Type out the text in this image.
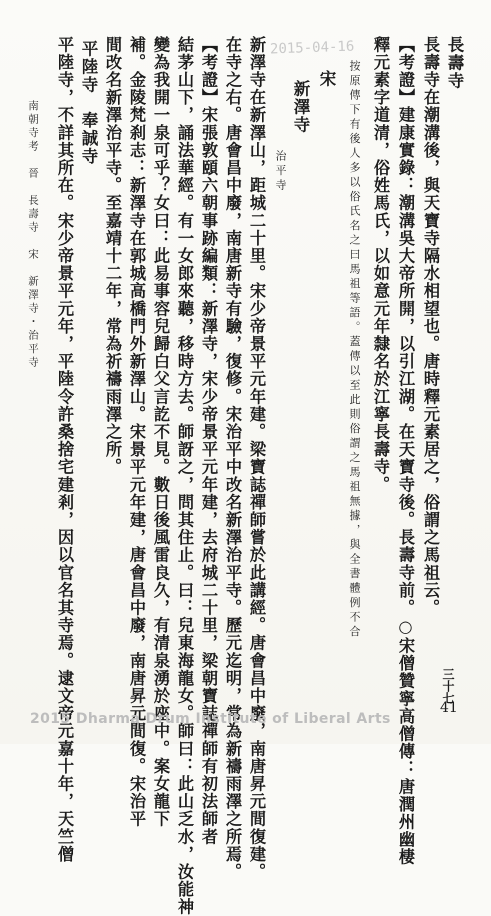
2015-04-16	長壽寺
長壽寺在潮溝後，與天寶寺隔水相望也。唐時釋元素居之，俗謂之馬祖云。
【考證】建康實錄：潮溝吳大帝所開，以引江湖。在天寶寺後。長壽寺前。○宋僧贊寧高僧傳：唐潤州幽棲
釋元素字道清，俗姓馬氏，以如意元年隸名於江寧長壽寺。
按原傳下有後人多以俗氏名之曰馬祖等語。蓋傳以至此則俗謂之馬祖無據，與全書體例不合
宋
新澤寺
治平寺
新澤寺在新澤山，距城二十里。宋少帝景平元年建。梁寶誌禪師嘗於此講經。唐會昌中廢，南唐昇元間復建。
在寺之右。唐會昌中廢，南唐新寺有驗，復修。宋治平中改名新澤治平寺。歷元迄明，常為新禱雨澤之所焉。
【考證】宋張敦頤六朝事跡編類：新澤寺，宋少帝景平元年建，去府城二十里，梁朝寶誌禪師有初法師者
結茅山下，誦法華經。有一女郎來聽，移時方去。師訝之，問其住止。曰：兒東海龍女。師曰：此山乏水，汝能神
變為我開一泉可乎？女曰：此易事容兒歸白父言訖不見。數日後風雷良久，有清泉湧於座中。案女龍下
補。金陵梵刹志：新澤寺在郭城高橋門外新澤山。宋景平元年建，唐會昌中廢，南唐昇元間復。宋治平
間改名新澤治平寺。至嘉靖十二年，常為祈禱雨澤之所。
平陸寺　奉誠寺
平陸寺，不詳其所在。宋少帝景平元年，平陸令許桑捨宅建剎，因以官名其寺焉。逮文帝元嘉十年，天竺僧
南朝寺考　晉　長壽寺　宋　新澤寺・治平寺
三十七
41
2015 Dharma Drum Institute of Liberal Arts
